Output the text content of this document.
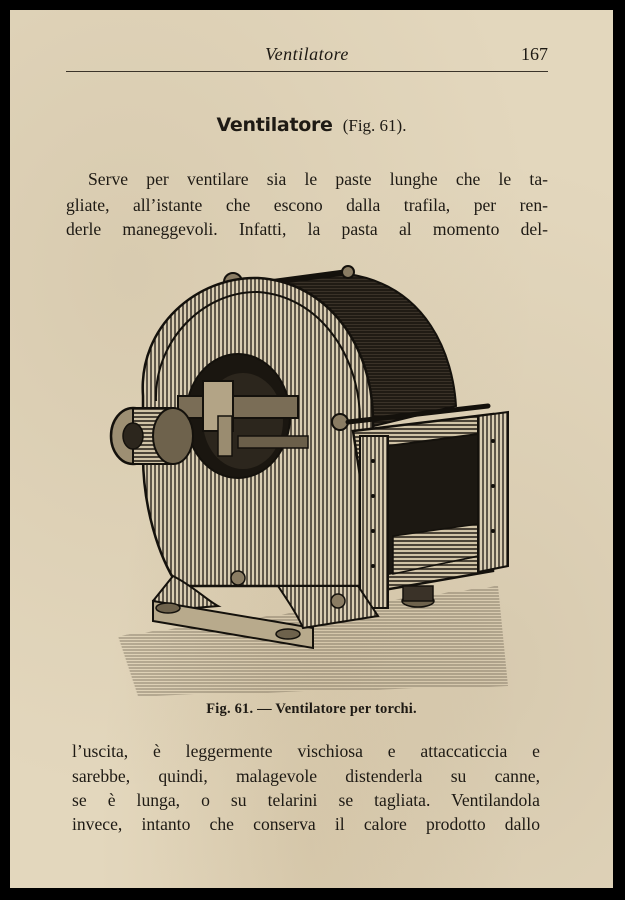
Ventilatore	167
Ventilatore (Fig. 61).
Serve per ventilare sia le paste lunghe che le ta-
gliate, all’istante che escono dalla trafila, per ren-
derle maneggevoli. Infatti, la pasta al momento del-
Fig. 61. — Ventilatore per torchi.
l’uscita, è leggermente vischiosa e attaccaticcia e
sarebbe, quindi, malagevole distenderla su canne,
se è lunga, o su telarini se tagliata. Ventilandola
invece, intanto che conserva il calore prodotto dallo
